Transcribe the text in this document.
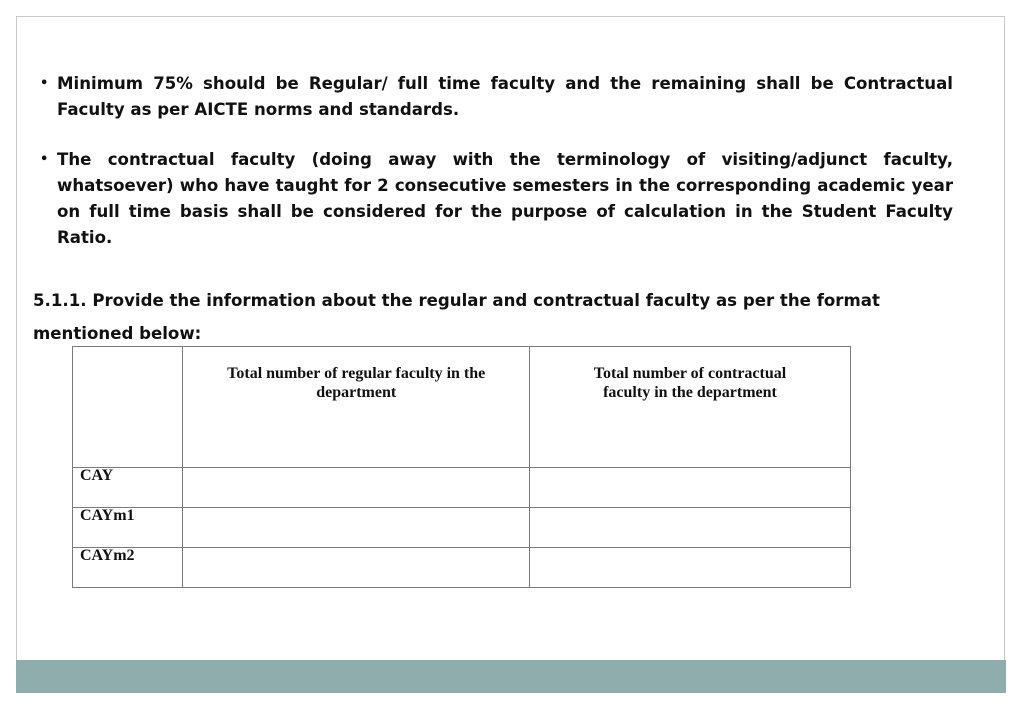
• Minimum 75% should be Regular/ full time faculty and the remaining shall be Contractual Faculty as per AICTE norms and standards.
• The contractual faculty (doing away with the terminology of visiting/adjunct faculty, whatsoever) who have taught for 2 consecutive semesters in the corresponding academic year on full time basis shall be considered for the purpose of calculation in the Student Faculty Ratio.

5.1.1. Provide the information about the regular and contractual faculty as per the format mentioned below:

	Total number of regular faculty in the department	Total number of contractual faculty in the department
CAY		
CAYm1		
CAYm2		
